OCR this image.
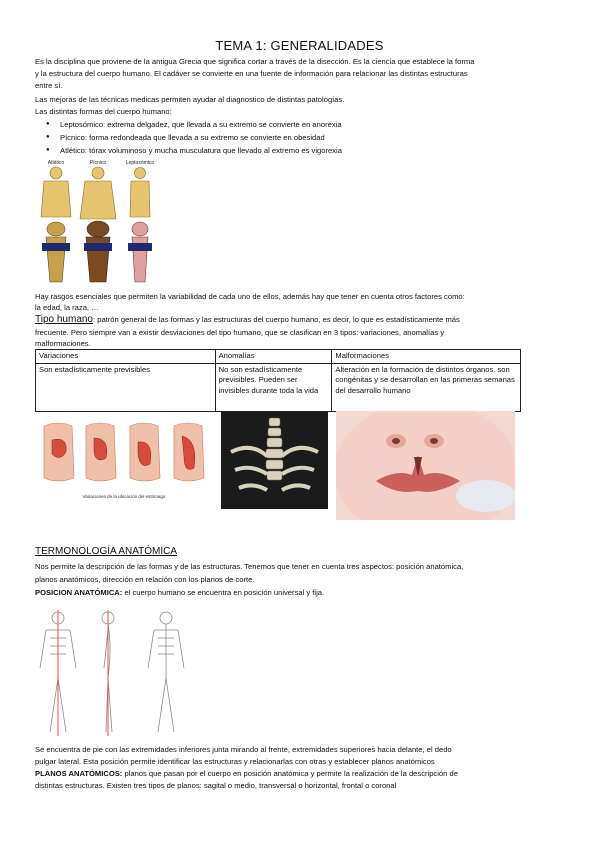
TEMA 1: GENERALIDADES
Es la disciplina que proviene de la antigua Grecia que significa cortar a través de la disección. Es la ciencia que establece la forma
y la estructura del cuerpo humano. El cadáver se convierte en una fuente de información para relacionar las distintas estructuras
entre sí.
Las mejoras de las técnicas medicas permiten ayudar al diagnostico de distintas patologías.
Las distintas formas del cuerpo humano:
● Leptosómico: extrema delgadez, que llevada a su extremo se convierte en anorexia
● Pícnico: forma redondeada que llevada a su extremo se convierte en obesidad
● Atlético: tórax voluminoso y mucha musculatura que llevado al extremo es vigorexia
Atlético	Pícnico	Leptosómico
Hay rasgos esenciales que permiten la variabilidad de cada uno de ellos, además hay que tener en cuenta otros factores como:
la edad, la raza, …
Tipo humano: patrón general de las formas y las estructuras del cuerpo humano, es decir, lo que es estadísticamente más
frecuente. Pero siempre van a existir desviaciones del tipo humano, que se clasifican en 3 tipos: variaciones, anomalías y
malformaciones.
Variaciones	Anomalías	Malformaciones
Son estadísticamente previsibles	No son estadísticamente previsibles. Pueden ser invisibles durante toda la vida	Alteración en la formación de distintos órganos. son congénitas y se desarrollan en las primeras semanas del desarrollo humano
Variaciones de la ubicación del estómago
TERMONOLOGÍA ANATÓMICA
Nos permite la descripción de las formas y de las estructuras. Tenemos que tener en cuenta tres aspectos: posición anatómica,
planos anatómicos, dirección en relación con los planos de corte.
POSICION ANATÓMICA: el cuerpo humano se encuentra en posición universal y fija.
Se encuentra de pie con las extremidades inferiores junta mirando al frente, extremidades superiores hacia delante, el dedo
pulgar lateral. Esta posición permite identificar las estructuras y relacionarlas con otras y establecer planos anatómicos
PLANOS ANATÓMICOS: planos que pasan por el cuerpo en posición anatómica y permite la realización de la descripción de
distintas estructuras. Existen tres tipos de planos: sagital o medio, transversal o horizontal, frontal o coronal
